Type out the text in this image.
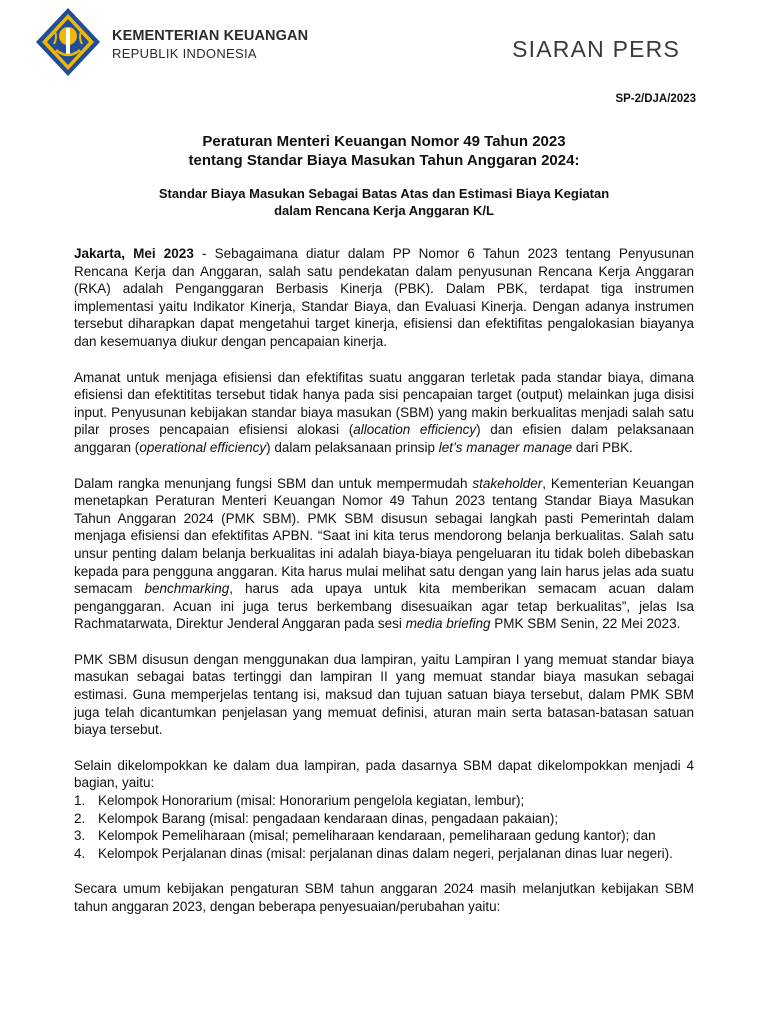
KEMENTERIAN KEUANGAN
REPUBLIK INDONESIA	SIARAN PERS
SP-2/DJA/2023
Peraturan Menteri Keuangan Nomor 49 Tahun 2023
tentang Standar Biaya Masukan Tahun Anggaran 2024:
Standar Biaya Masukan Sebagai Batas Atas dan Estimasi Biaya Kegiatan
dalam Rencana Kerja Anggaran K/L

Jakarta, Mei 2023 - Sebagaimana diatur dalam PP Nomor 6 Tahun 2023 tentang Penyusunan Rencana Kerja dan Anggaran, salah satu pendekatan dalam penyusunan Rencana Kerja Anggaran (RKA) adalah Penganggaran Berbasis Kinerja (PBK). Dalam PBK, terdapat tiga instrumen implementasi yaitu Indikator Kinerja, Standar Biaya, dan Evaluasi Kinerja. Dengan adanya instrumen tersebut diharapkan dapat mengetahui target kinerja, efisiensi dan efektifitas pengalokasian biayanya dan kesemuanya diukur dengan pencapaian kinerja.

Amanat untuk menjaga efisiensi dan efektifitas suatu anggaran terletak pada standar biaya, dimana efisiensi dan efektititas tersebut tidak hanya pada sisi pencapaian target (output) melainkan juga disisi input. Penyusunan kebijakan standar biaya masukan (SBM) yang makin berkualitas menjadi salah satu pilar proses pencapaian efisiensi alokasi (allocation efficiency) dan efisien dalam pelaksanaan anggaran (operational efficiency) dalam pelaksanaan prinsip let’s manager manage dari PBK.

Dalam rangka menunjang fungsi SBM dan untuk mempermudah stakeholder, Kementerian Keuangan menetapkan Peraturan Menteri Keuangan Nomor 49 Tahun 2023 tentang Standar Biaya Masukan Tahun Anggaran 2024 (PMK SBM). PMK SBM disusun sebagai langkah pasti Pemerintah dalam menjaga efisiensi dan efektifitas APBN. “Saat ini kita terus mendorong belanja berkualitas. Salah satu unsur penting dalam belanja berkualitas ini adalah biaya-biaya pengeluaran itu tidak boleh dibebaskan kepada para pengguna anggaran. Kita harus mulai melihat satu dengan yang lain harus jelas ada suatu semacam benchmarking, harus ada upaya untuk kita memberikan semacam acuan dalam penganggaran. Acuan ini juga terus berkembang disesuaikan agar tetap berkualitas”, jelas Isa Rachmatarwata, Direktur Jenderal Anggaran pada sesi media briefing PMK SBM Senin, 22 Mei 2023.

PMK SBM disusun dengan menggunakan dua lampiran, yaitu Lampiran I yang memuat standar biaya masukan sebagai batas tertinggi dan lampiran II yang memuat standar biaya masukan sebagai estimasi. Guna memperjelas tentang isi, maksud dan tujuan satuan biaya tersebut, dalam PMK SBM juga telah dicantumkan penjelasan yang memuat definisi, aturan main serta batasan-batasan satuan biaya tersebut.

Selain dikelompokkan ke dalam dua lampiran, pada dasarnya SBM dapat dikelompokkan menjadi 4 bagian, yaitu:

1. Kelompok Honorarium (misal: Honorarium pengelola kegiatan, lembur);
2. Kelompok Barang (misal: pengadaan kendaraan dinas, pengadaan pakaian);
3. Kelompok Pemeliharaan (misal; pemeliharaan kendaraan, pemeliharaan gedung kantor); dan
4. Kelompok Perjalanan dinas (misal: perjalanan dinas dalam negeri, perjalanan dinas luar negeri).

Secara umum kebijakan pengaturan SBM tahun anggaran 2024 masih melanjutkan kebijakan SBM tahun anggaran 2023, dengan beberapa penyesuaian/perubahan yaitu:
